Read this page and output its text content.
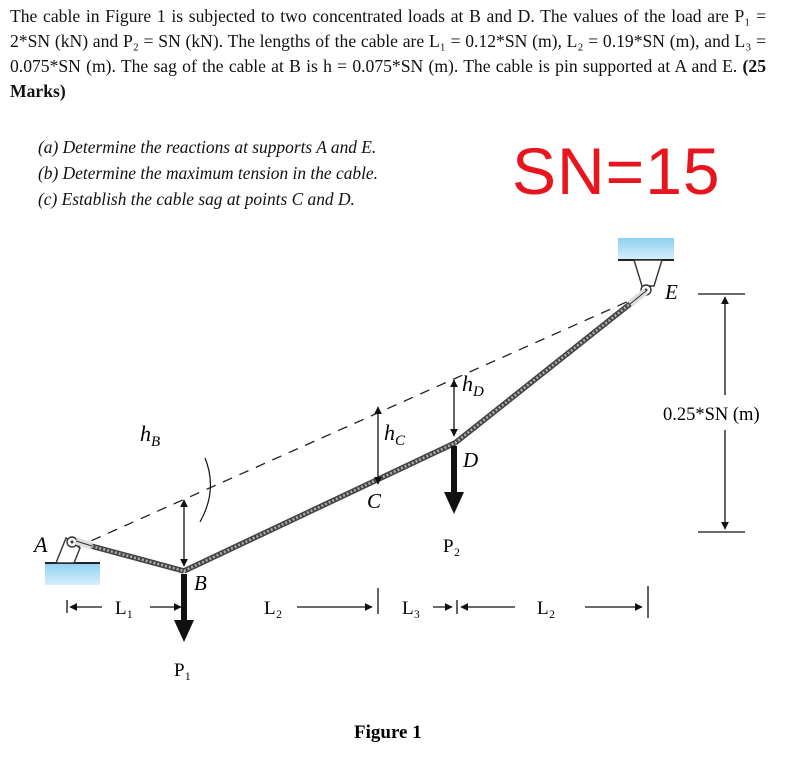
The cable in Figure 1 is subjected to two concentrated loads at B and D. The values of the load are P₁ = 2*SN (kN) and P₂ = SN (kN). The lengths of the cable are L₁ = 0.12*SN (m), L₂ = 0.19*SN (m), and L₃ = 0.075*SN (m). The sag of the cable at B is h = 0.075*SN (m). The cable is pin supported at A and E. (25 Marks)
(a) Determine the reactions at supports A and E.
(b) Determine the maximum tension in the cable.
(c) Establish the cable sag at points C and D.	SN=15
A
B
C
D
E
$h_B$	$h_C$
$h_D$
P₂
P₁
0.25*SN (m)
L₁	L₂	L₃	L₂
Figure 1
